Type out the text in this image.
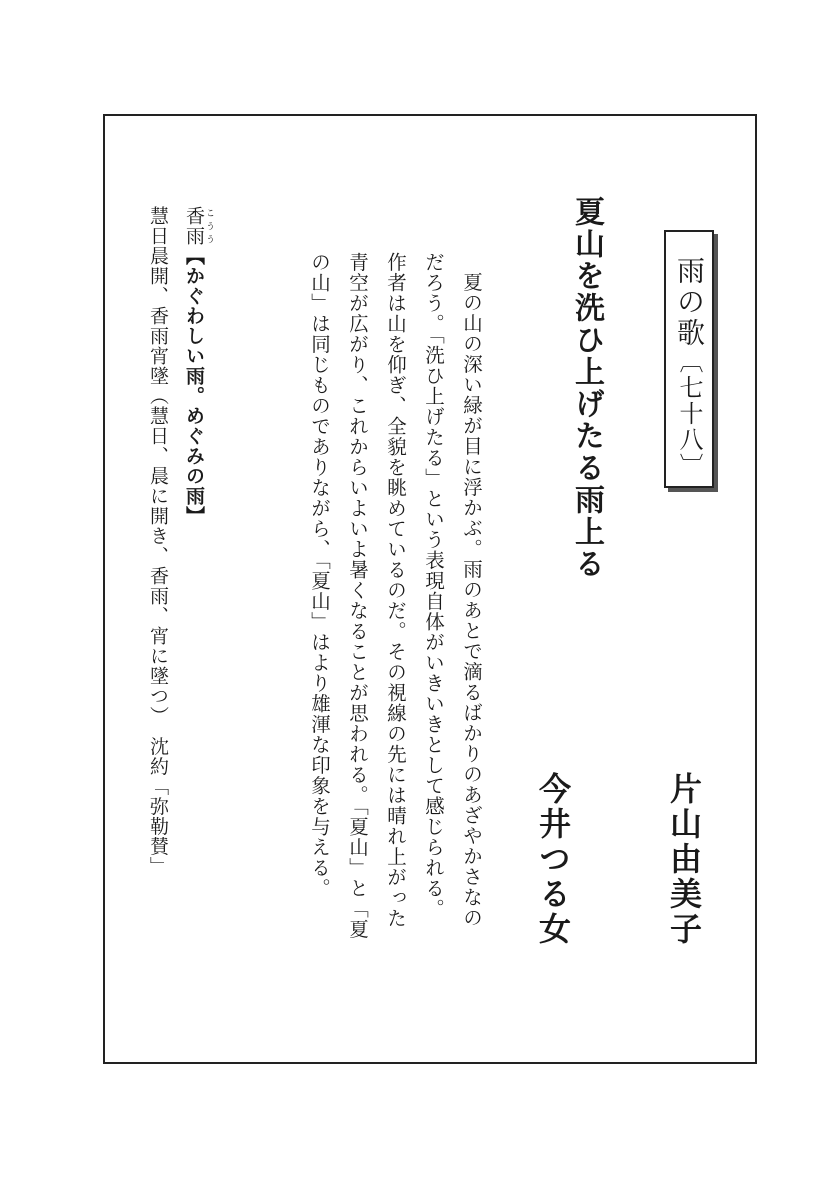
雨の歌〔七十八〕
夏山を洗ひ上げたる雨上る
片山由美子
今井つる女

夏の山の深い緑が目に浮かぶ。雨のあとで滴るばかりのあざやかさなの

だろう。「洗ひ上げたる」という表現自体がいきいきとして感じられる。

作者は山を仰ぎ、全貌を眺めているのだ。その視線の先には晴れ上がった

青空が広がり、これからいよいよ暑くなることが思われる。「夏山」と「夏

の山」は同じものでありながら、「夏山」はより雄渾な印象を与える。

香雨 こうう【かぐわしい雨。めぐみの雨】

慧日晨開、香雨宵墜（慧日、晨に開き、香雨、宵に墜つ）　沈約「弥勒賛」
